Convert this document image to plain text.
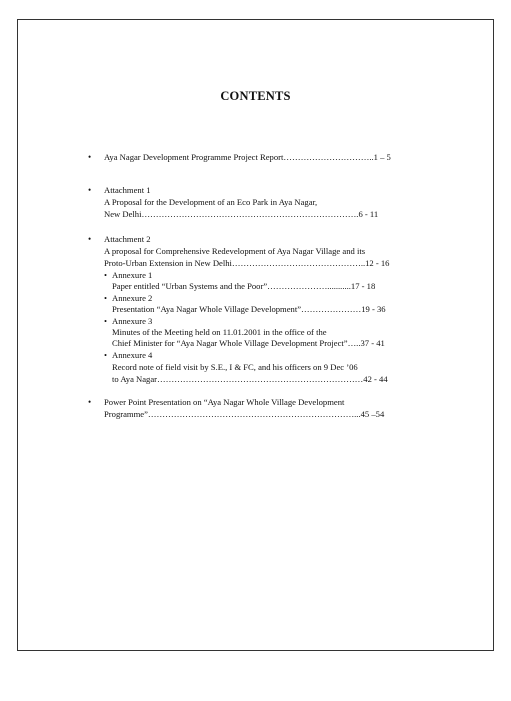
CONTENTS
• Aya Nagar Development Programme Project Report…………………………..1 – 5
• Attachment 1
A Proposal for the Development of an Eco Park in Aya Nagar,
New Delhi………………………………………………………………….6 - 11
• Attachment 2
A proposal for Comprehensive Redevelopment of Aya Nagar Village and its
Proto-Urban Extension in New Delhi………………………………………..12 - 16
• Annexure 1
Paper entitled “Urban Systems and the Poor”…………………...........17 - 18
• Annexure 2
Presentation “Aya Nagar Whole Village Development”…………………19 - 36
• Annexure 3
Minutes of the Meeting held on 11.01.2001 in the office of the
Chief Minister for “Aya Nagar Whole Village Development Project”…..37 - 41
• Annexure 4
Record note of field visit by S.E., I & FC, and his officers on 9 Dec ’06
to Aya Nagar………………………………………………………………42 - 44
• Power Point Presentation on “Aya Nagar Whole Village Development
Programme”………………………………………………………………...45 –54
